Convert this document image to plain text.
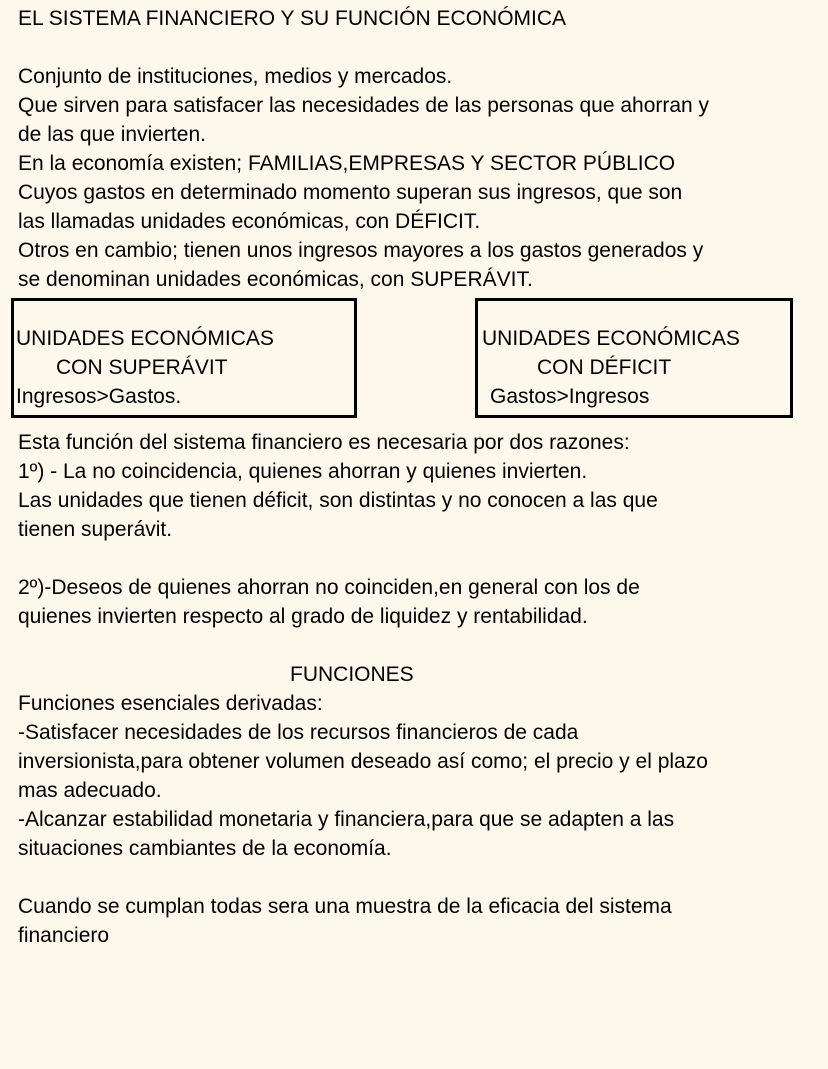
EL SISTEMA FINANCIERO Y SU FUNCIÓN ECONÓMICA
Conjunto de instituciones, medios y mercados.
Que sirven para satisfacer las necesidades de las personas que ahorran y
de las que invierten.
En la economía existen; FAMILIAS,EMPRESAS Y SECTOR PÚBLICO
Cuyos gastos en determinado momento superan sus ingresos, que son
las llamadas unidades económicas, con DÉFICIT.
Otros en cambio; tienen unos ingresos mayores a los gastos generados y
se denominan unidades económicas, con SUPERÁVIT.
UNIDADES ECONÓMICAS
CON SUPERÁVIT
Ingresos>Gastos.
UNIDADES ECONÓMICAS
CON DÉFICIT
Gastos>Ingresos
Esta función del sistema financiero es necesaria por dos razones:
1º) - La no coincidencia, quienes ahorran y quienes invierten.
Las unidades que tienen déficit, son distintas y no conocen a las que
tienen superávit.
2º)-Deseos de quienes ahorran no coinciden,en general con los de
quienes invierten respecto al grado de liquidez y rentabilidad.
FUNCIONES
Funciones esenciales derivadas:
-Satisfacer necesidades de los recursos financieros de cada
inversionista,para obtener volumen deseado así como; el precio y el plazo
mas adecuado.
-Alcanzar estabilidad monetaria y financiera,para que se adapten a las
situaciones cambiantes de la economía.
Cuando se cumplan todas sera una muestra de la eficacia del sistema
financiero
